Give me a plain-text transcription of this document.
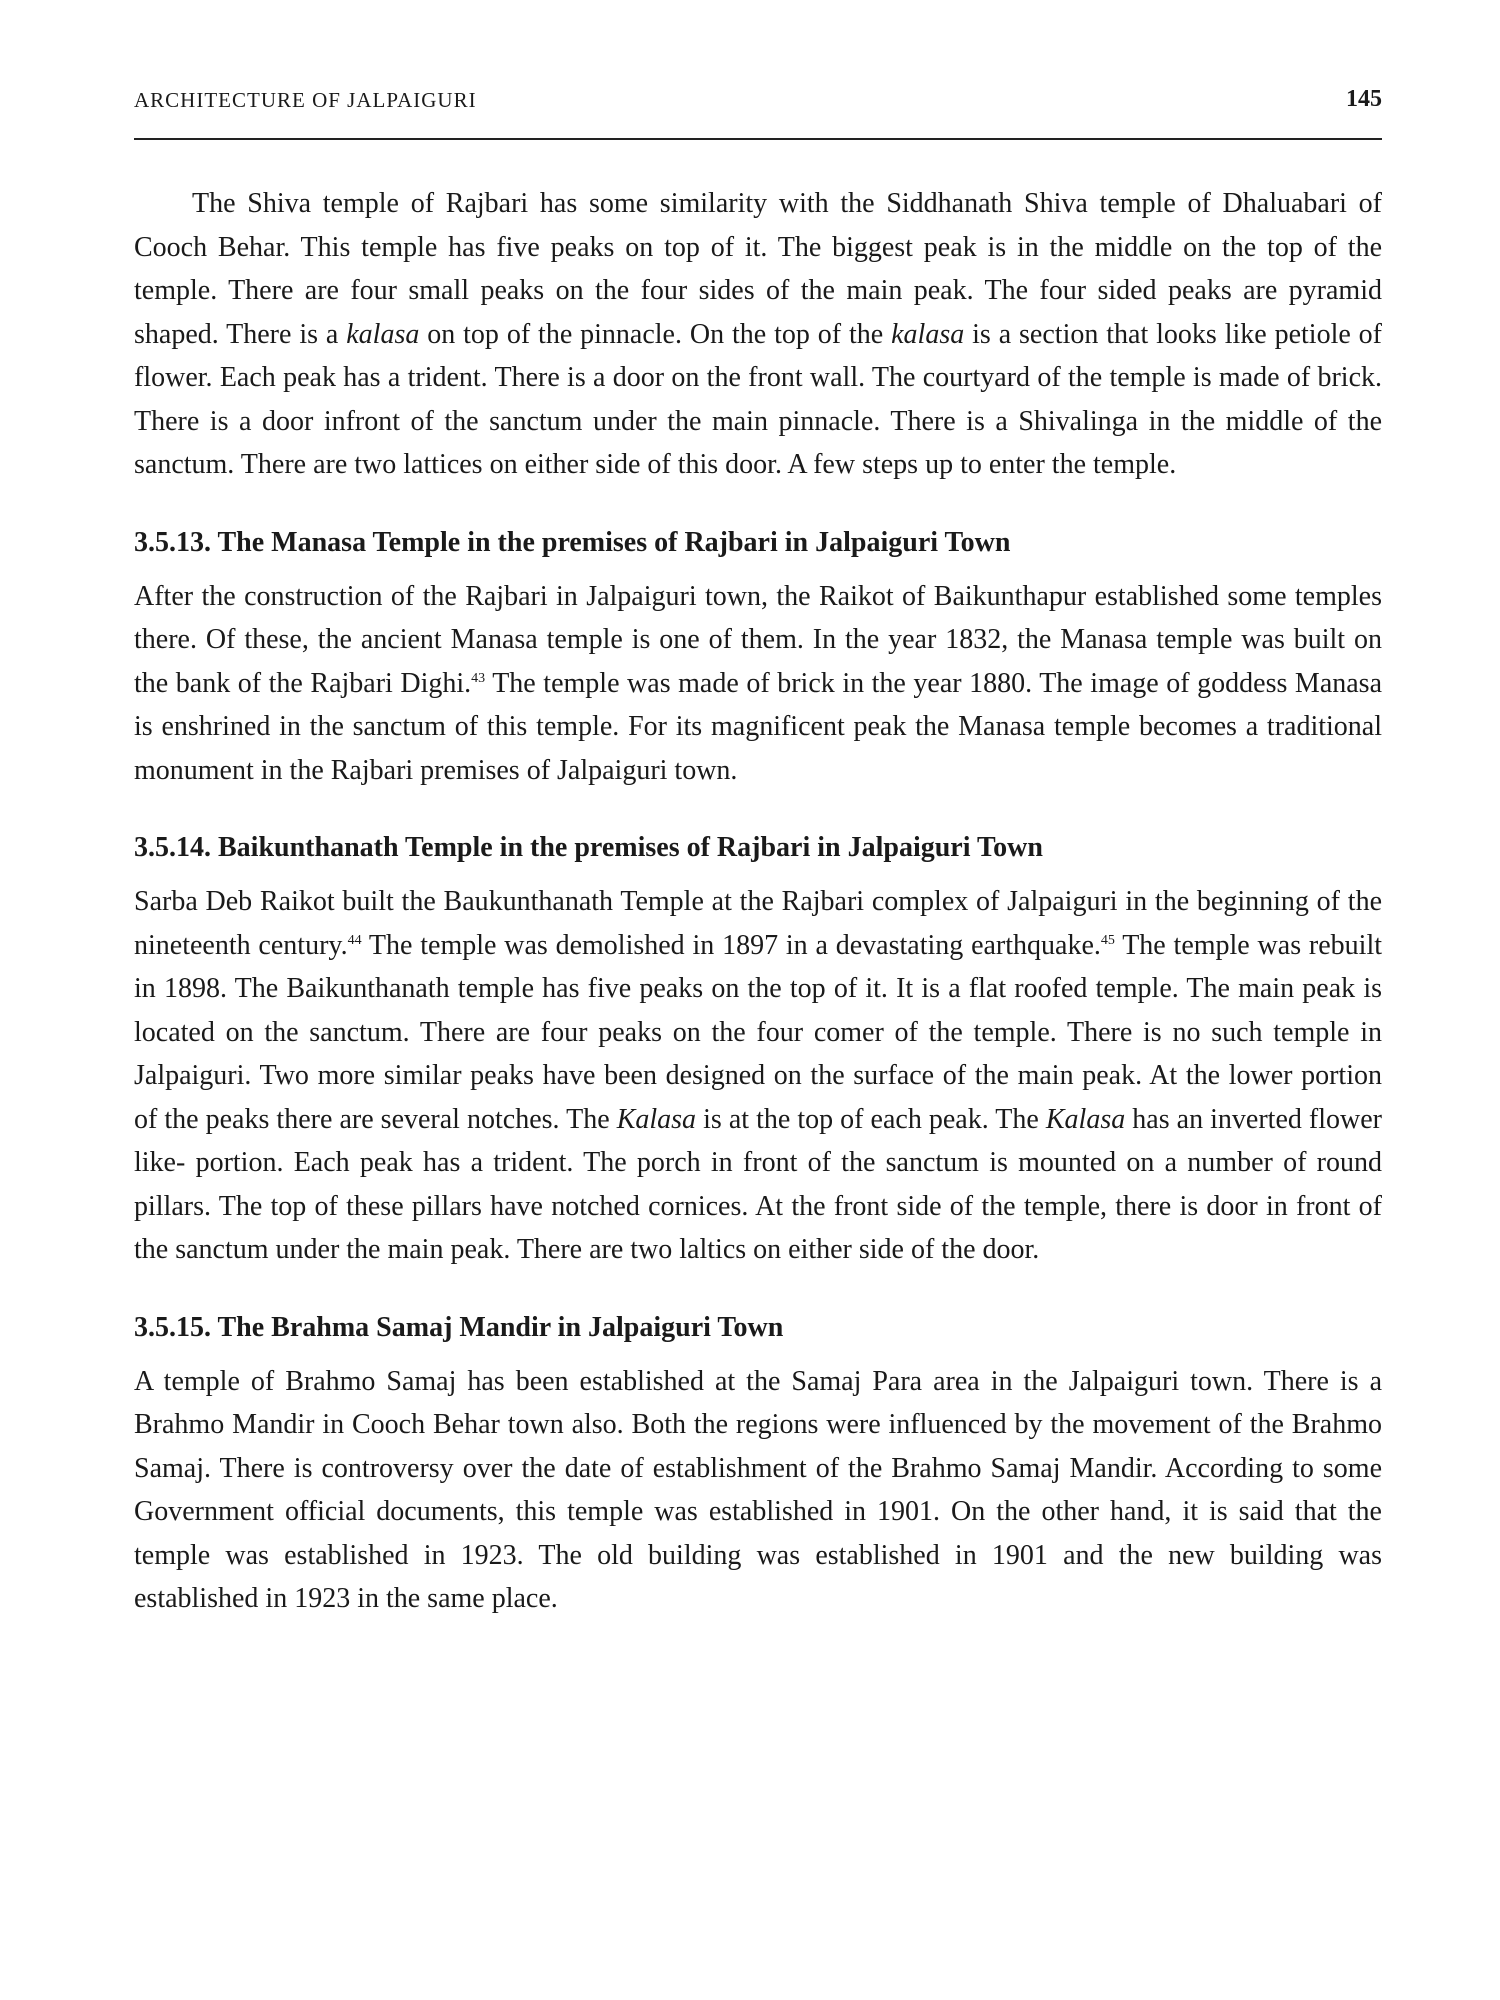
ARCHITECTURE OF JALPAIGURI	145

The Shiva temple of Rajbari has some similarity with the Siddhanath Shiva temple of Dhaluabari of Cooch Behar. This temple has five peaks on top of it. The biggest peak is in the middle on the top of the temple. There are four small peaks on the four sides of the main peak. The four sided peaks are pyramid shaped. There is a kalasa on top of the pinnacle. On the top of the kalasa is a section that looks like petiole of flower. Each peak has a trident. There is a door on the front wall. The courtyard of the temple is made of brick. There is a door infront of the sanctum under the main pinnacle. There is a Shivalinga in the middle of the sanctum. There are two lattices on either side of this door. A few steps up to enter the temple.

3.5.13. The Manasa Temple in the premises of Rajbari in Jalpaiguri Town

After the construction of the Rajbari in Jalpaiguri town, the Raikot of Baikunthapur established some temples there. Of these, the ancient Manasa temple is one of them. In the year 1832, the Manasa temple was built on the bank of the Rajbari Dighi.$^{43}$ The temple was made of brick in the year 1880. The image of goddess Manasa is enshrined in the sanctum of this temple. For its magnificent peak the Manasa temple becomes a traditional monument in the Rajbari premises of Jalpaiguri town.

3.5.14. Baikunthanath Temple in the premises of Rajbari in Jalpaiguri Town

Sarba Deb Raikot built the Baukunthanath Temple at the Rajbari complex of Jalpaiguri in the beginning of the nineteenth century.$^{44}$ The temple was demolished in 1897 in a devastating earthquake.$^{45}$ The temple was rebuilt in 1898. The Baikunthanath temple has five peaks on the top of it. It is a flat roofed temple. The main peak is located on the sanctum. There are four peaks on the four comer of the temple. There is no such temple in Jalpaiguri. Two more similar peaks have been designed on the surface of the main peak. At the lower portion of the peaks there are several notches. The Kalasa is at the top of each peak. The Kalasa has an inverted flower like- portion. Each peak has a trident. The porch in front of the sanctum is mounted on a number of round pillars. The top of these pillars have notched cornices. At the front side of the temple, there is door in front of the sanctum under the main peak. There are two laltics on either side of the door.

3.5.15. The Brahma Samaj Mandir in Jalpaiguri Town

A temple of Brahmo Samaj has been established at the Samaj Para area in the Jalpaiguri town. There is a Brahmo Mandir in Cooch Behar town also. Both the regions were influenced by the movement of the Brahmo Samaj. There is controversy over the date of establishment of the Brahmo Samaj Mandir. According to some Government official documents, this temple was established in 1901. On the other hand, it is said that the temple was established in 1923. The old building was established in 1901 and the new building was established in 1923 in the same place.
